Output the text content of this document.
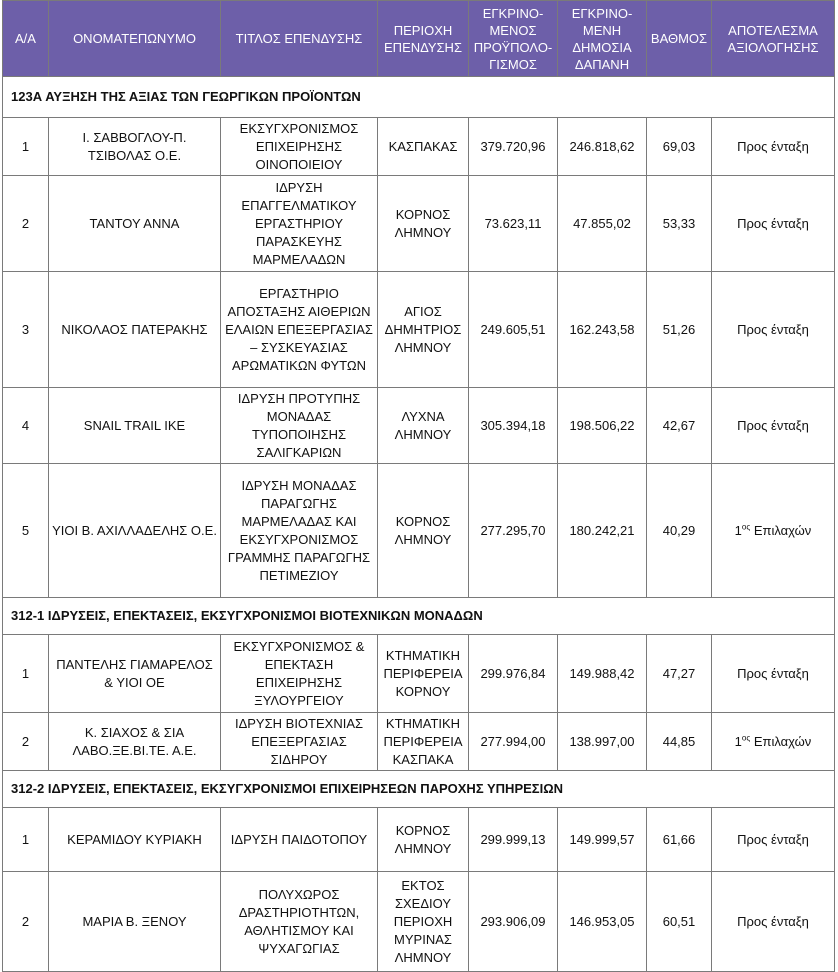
Α/Α	ΟΝΟΜΑΤΕΠΩΝΥΜΟ	ΤΙΤΛΟΣ ΕΠΕΝΔΥΣΗΣ	ΠΕΡΙΟΧΗ ΕΠΕΝΔΥΣΗΣ	ΕΓΚΡΙΝΟ-ΜΕΝΟΣ ΠΡΟΫΠΟΛΟ-ΓΙΣΜΟΣ	ΕΓΚΡΙΝΟ-ΜΕΝΗ ΔΗΜΟΣΙΑ ΔΑΠΑΝΗ	ΒΑΘΜΟΣ	ΑΠΟΤΕΛΕΣΜΑ ΑΞΙΟΛΟΓΗΣΗΣ
123Α ΑΥΞΗΣΗ ΤΗΣ ΑΞΙΑΣ ΤΩΝ ΓΕΩΡΓΙΚΩΝ ΠΡΟΪΟΝΤΩΝ							
1	Ι. ΣΑΒΒΟΓΛΟΥ-Π. ΤΣΙΒΟΛΑΣ Ο.Ε.	ΕΚΣΥΓΧΡΟΝΙΣΜΟΣ ΕΠΙΧΕΙΡΗΣΗΣ ΟΙΝΟΠΟΙΕΙΟΥ	ΚΑΣΠΑΚΑΣ	379.720,96	246.818,62	69,03	Προς ένταξη
2	ΤΑΝΤΟΥ ΑΝΝΑ	ΙΔΡΥΣΗ ΕΠΑΓΓΕΛΜΑΤΙΚΟΥ ΕΡΓΑΣΤΗΡΙΟΥ ΠΑΡΑΣΚΕΥΗΣ ΜΑΡΜΕΛΑΔΩΝ	ΚΟΡΝΟΣ ΛΗΜΝΟΥ	73.623,11	47.855,02	53,33	Προς ένταξη
3	ΝΙΚΟΛΑΟΣ ΠΑΤΕΡΑΚΗΣ	ΕΡΓΑΣΤΗΡΙΟ ΑΠΟΣΤΑΞΗΣ ΑΙΘΕΡΙΩΝ ΕΛΑΙΩΝ ΕΠΕΞΕΡΓΑΣΙΑΣ – ΣΥΣΚΕΥΑΣΙΑΣ ΑΡΩΜΑΤΙΚΩΝ ΦΥΤΩΝ	ΑΓΙΟΣ ΔΗΜΗΤΡΙΟΣ ΛΗΜΝΟΥ	249.605,51	162.243,58	51,26	Προς ένταξη
4	SNAIL TRAIL IKE	ΙΔΡΥΣΗ ΠΡΟΤΥΠΗΣ ΜΟΝΑΔΑΣ ΤΥΠΟΠΟΙΗΣΗΣ ΣΑΛΙΓΚΑΡΙΩΝ	ΛΥΧΝΑ ΛΗΜΝΟΥ	305.394,18	198.506,22	42,67	Προς ένταξη
5	ΥΙΟΙ Β. ΑΧΙΛΛΑΔΕΛΗΣ Ο.Ε.	ΙΔΡΥΣΗ ΜΟΝΑΔΑΣ ΠΑΡΑΓΩΓΗΣ ΜΑΡΜΕΛΑΔΑΣ ΚΑΙ ΕΚΣΥΓΧΡΟΝΙΣΜΟΣ ΓΡΑΜΜΗΣ ΠΑΡΑΓΩΓΗΣ ΠΕΤΙΜΕΖΙΟΥ	ΚΟΡΝΟΣ ΛΗΜΝΟΥ	277.295,70	180.242,21	40,29	$1^{o\varsigma}$ Επιλαχών
312-1 ΙΔΡΥΣΕΙΣ, ΕΠΕΚΤΑΣΕΙΣ, ΕΚΣΥΓΧΡΟΝΙΣΜΟΙ ΒΙΟΤΕΧΝΙΚΩΝ ΜΟΝΑΔΩΝ							
1	ΠΑΝΤΕΛΗΣ ΓΙΑΜΑΡΕΛΟΣ & ΥΙΟΙ ΟΕ	ΕΚΣΥΓΧΡΟΝΙΣΜΟΣ & ΕΠΕΚΤΑΣΗ ΕΠΙΧΕΙΡΗΣΗΣ ΞΥΛΟΥΡΓΕΙΟΥ	ΚΤΗΜΑΤΙΚΗ ΠΕΡΙΦΕΡΕΙΑ ΚΟΡΝΟΥ	299.976,84	149.988,42	47,27	Προς ένταξη
2	Κ. ΣΙΑΧΟΣ & ΣΙΑ ΛΑΒΟ.ΞΕ.ΒΙ.ΤΕ. Α.Ε.	ΙΔΡΥΣΗ ΒΙΟΤΕΧΝΙΑΣ ΕΠΕΞΕΡΓΑΣΙΑΣ ΣΙΔΗΡΟΥ	ΚΤΗΜΑΤΙΚΗ ΠΕΡΙΦΕΡΕΙΑ ΚΑΣΠΑΚΑ	277.994,00	138.997,00	44,85	$1^{o\varsigma}$ Επιλαχών
312-2 ΙΔΡΥΣΕΙΣ, ΕΠΕΚΤΑΣΕΙΣ, ΕΚΣΥΓΧΡΟΝΙΣΜΟΙ ΕΠΙΧΕΙΡΗΣΕΩΝ ΠΑΡΟΧΗΣ ΥΠΗΡΕΣΙΩΝ							
1	ΚΕΡΑΜΙΔΟΥ ΚΥΡΙΑΚΗ	ΙΔΡΥΣΗ ΠΑΙΔΟΤΟΠΟΥ	ΚΟΡΝΟΣ ΛΗΜΝΟΥ	299.999,13	149.999,57	61,66	Προς ένταξη
2	ΜΑΡΙΑ Β. ΞΕΝΟΥ	ΠΟΛΥΧΩΡΟΣ ΔΡΑΣΤΗΡΙΟΤΗΤΩΝ, ΑΘΛΗΤΙΣΜΟΥ ΚΑΙ ΨΥΧΑΓΩΓΙΑΣ	ΕΚΤΟΣ ΣΧΕΔΙΟΥ ΠΕΡΙΟΧΗ ΜΥΡΙΝΑΣ ΛΗΜΝΟΥ	293.906,09	146.953,05	60,51	Προς ένταξη
